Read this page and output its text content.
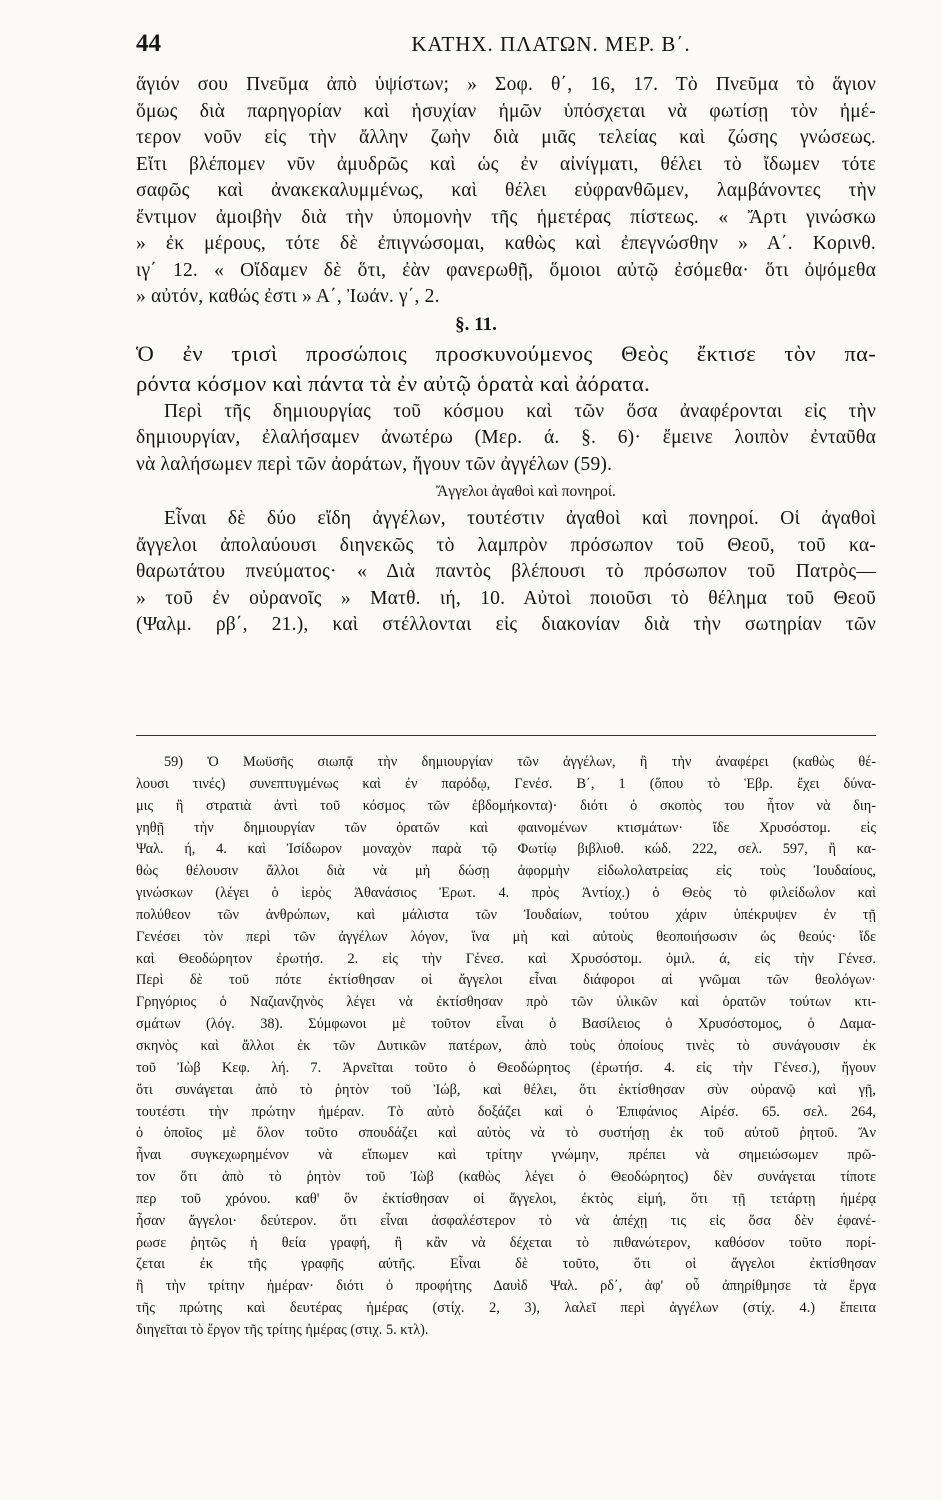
44	ΚΑΤΗΧ. ΠΛΑΤΩΝ. ΜΕΡ. Β΄.
ἅγιόν σου Πνεῦμα ἀπὸ ὑψίστων; » Σοφ. θ΄, 16, 17. Τὸ Πνεῦμα τὸ ἅγιον
ὅμως διὰ παρηγορίαν καὶ ἡσυχίαν ἡμῶν ὑπόσχεται νὰ φωτίσῃ τὸν ἡμέ-
τερον νοῦν εἰς τὴν ἄλλην ζωὴν διὰ μιᾶς τελείας καὶ ζώσης γνώσεως.
Εἴτι βλέπομεν νῦν ἀμυδρῶς καὶ ὡς ἐν αἰνίγματι, θέλει τὸ ἴδωμεν τότε
σαφῶς καὶ ἀνακεκαλυμμένως, καὶ θέλει εὐφρανθῶμεν, λαμβάνοντες τὴν
ἔντιμον ἀμοιβὴν διὰ τὴν ὑπομονὴν τῆς ἡμετέρας πίστεως. « Ἄρτι γινώσκω
» ἐκ μέρους, τότε δὲ ἐπιγνώσομαι, καθὼς καὶ ἐπεγνώσθην » Α΄. Κορινθ.
ιγ΄ 12. « Οἴδαμεν δὲ ὅτι, ἐὰν φανερωθῇ, ὅμοιοι αὐτῷ ἐσόμεθα· ὅτι ὀψόμεθα
» αὐτόν, καθώς ἐστι » Α΄, Ἰωάν. γ΄, 2.
§. 11.
Ὁ ἐν τρισὶ προσώποις προσκυνούμενος Θεὸς ἔκτισε τὸν πα-
ρόντα κόσμον καὶ πάντα τὰ ἐν αὐτῷ ὁρατὰ καὶ ἀόρατα.
Περὶ τῆς δημιουργίας τοῦ κόσμου καὶ τῶν ὅσα ἀναφέρονται εἰς τὴν
δημιουργίαν, ἐλαλήσαμεν ἀνωτέρω (Μερ. ά. §. 6)· ἔμεινε λοιπὸν ἐνταῦθα
νὰ λαλήσωμεν περὶ τῶν ἀοράτων, ἤγουν τῶν ἀγγέλων (59).
Ἄγγελοι ἀγαθοὶ καὶ πονηροί.
Εἶναι δὲ δύο εἴδη ἀγγέλων, τουτέστιν ἀγαθοὶ καὶ πονηροί. Οἱ ἀγαθοὶ
ἄγγελοι ἀπολαύουσι διηνεκῶς τὸ λαμπρὸν πρόσωπον τοῦ Θεοῦ, τοῦ κα-
θαρωτάτου πνεύματος· « Διὰ παντὸς βλέπουσι τὸ πρόσωπον τοῦ Πατρὸς—
» τοῦ ἐν οὐρανοῖς » Ματθ. ιή, 10. Αὐτοὶ ποιοῦσι τὸ θέλημα τοῦ Θεοῦ
(Ψαλμ. ρβ΄, 21.), καὶ στέλλονται εἰς διακονίαν διὰ τὴν σωτηρίαν τῶν
59) Ὁ Μωϋσῆς σιωπᾷ τὴν δημιουργίαν τῶν ἀγγέλων, ἢ τὴν ἀναφέρει (καθὼς θέ-
λουσι τινές) συνεπτυγμένως καὶ ἐν παρόδῳ, Γενέσ. Β΄, 1 (ὅπου τὸ Ἑβρ. ἔχει δύνα-
μις ἢ στρατιὰ ἀντὶ τοῦ κόσμος τῶν ἑβδομήκοντα)· διότι ὁ σκοπὸς του ἦτον νὰ διη-
γηθῇ τὴν δημιουργίαν τῶν ὁρατῶν καὶ φαινομένων κτισμάτων· ἴδε Χρυσόστομ. εἰς
Ψαλ. ή, 4. καὶ Ἰσίδωρον μοναχὸν παρὰ τῷ Φωτίῳ βιβλιοθ. κώδ. 222, σελ. 597, ἢ κα-
θὼς θέλουσιν ἄλλοι διὰ νὰ μὴ δώσῃ ἀφορμὴν εἰδωλολατρείας εἰς τοὺς Ἰουδαίους,
γινώσκων (λέγει ὁ ἱερὸς Ἀθανάσιος Ἐρωτ. 4. πρὸς Ἀντίοχ.) ὁ Θεὸς τὸ φιλείδωλον καὶ
πολύθεον τῶν ἀνθρώπων, καὶ μάλιστα τῶν Ἰουδαίων, τούτου χάριν ὑπέκρυψεν ἐν τῇ
Γενέσει τὸν περὶ τῶν ἀγγέλων λόγον, ἵνα μὴ καὶ αὐτοὺς θεοποιήσωσιν ὡς θεούς· ἴδε
καὶ Θεοδώρητον ἐρωτήσ. 2. εἰς τὴν Γένεσ. καὶ Χρυσόστομ. ὁμιλ. ά, εἰς τὴν Γένεσ.
Περὶ δὲ τοῦ πότε ἐκτίσθησαν οἱ ἄγγελοι εἶναι διάφοροι αἱ γνῶμαι τῶν θεολόγων·
Γρηγόριος ὁ Ναζιανζηνὸς λέγει νὰ ἐκτίσθησαν πρὸ τῶν ὑλικῶν καὶ ὁρατῶν τούτων κτι-
σμάτων (λόγ. 38). Σύμφωνοι μὲ τοῦτον εἶναι ὁ Βασίλειος ὁ Χρυσόστομος, ὁ Δαμα-
σκηνὸς καὶ ἄλλοι ἐκ τῶν Δυτικῶν πατέρων, ἀπὸ τοὺς ὁποίους τινὲς τὸ συνάγουσιν ἐκ
τοῦ Ἰὼβ Κεφ. λή. 7. Ἀρνεῖται τοῦτο ὁ Θεοδώρητος (ἐρωτήσ. 4. εἰς τὴν Γένεσ.), ἤγουν
ὅτι συνάγεται ἀπὸ τὸ ῥητὸν τοῦ Ἰώβ, καὶ θέλει, ὅτι ἐκτίσθησαν σὺν οὐρανῷ καὶ γῇ,
τουτέστι τὴν πρώτην ἡμέραν. Τὸ αὐτὸ δοξάζει καὶ ὁ Ἐπιφάνιος Αἱρέσ. 65. σελ. 264,
ὁ ὁποῖος μὲ ὅλον τοῦτο σπουδάζει καὶ αὐτὸς νὰ τὸ συστήσῃ ἐκ τοῦ αὐτοῦ ῥητοῦ. Ἄν
ἦναι συγκεχωρημένον νὰ εἴπωμεν καὶ τρίτην γνώμην, πρέπει νὰ σημειώσωμεν πρῶ-
τον ὅτι ἀπὸ τὸ ῥητὸν τοῦ Ἰὼβ (καθὼς λέγει ὁ Θεοδώρητος) δὲν συνάγεται τίποτε
περ τοῦ χρόνου. καθ' ὃν ἐκτίσθησαν οἱ ἄγγελοι, ἐκτὸς εἰμή, ὅτι τῇ τετάρτῃ ἡμέρᾳ
ἦσαν ἄγγελοι· δεύτερον. ὅτι εἶναι ἀσφαλέστερον τὸ νὰ ἀπέχῃ τις εἰς ὅσα δὲν ἐφανέ-
ρωσε ῥητῶς ἡ θεία γραφή, ἢ κἂν νὰ δέχεται τὸ πιθανώτερον, καθόσον τοῦτο πορί-
ζεται ἐκ τῆς γραφῆς αὐτῆς. Εἶναι δὲ τοῦτο, ὅτι οἱ ἄγγελοι ἐκτίσθησαν
ἢ τὴν τρίτην ἡμέραν· διότι ὁ προφήτης Δαυὶδ Ψαλ. ρδ΄, ἀφ' οὗ ἀπηρίθμησε τὰ ἔργα
τῆς πρώτης καὶ δευτέρας ἡμέρας (στίχ. 2, 3), λαλεῖ περὶ ἀγγέλων (στίχ. 4.) ἔπειτα
διηγεῖται τὸ ἔργον τῆς τρίτης ἡμέρας (στιχ. 5. κτλ).
